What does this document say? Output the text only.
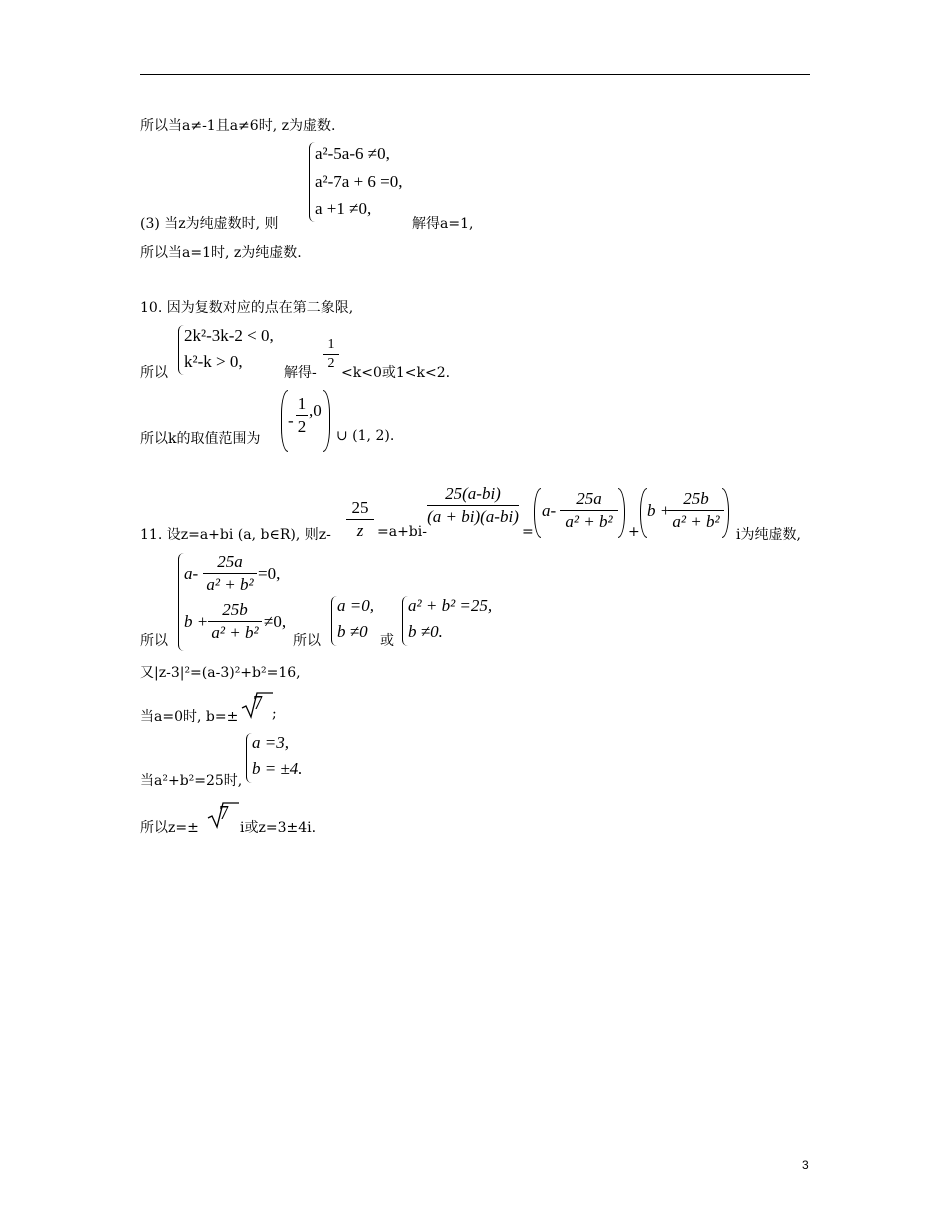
所以当a≠-1且a≠6时, z为虚数.
a²-5a-6 ≠0,
a²-7a + 6 =0,
a +1 ≠0,
(3) 当z为纯虚数时, 则	解得a=1,
所以当a=1时, z为纯虚数.
10. 因为复数对应的点在第二象限,
2k²-3k-2 < 0,
k²-k > 0,
所以	解得-
1
2
<k<0或1<k<2.
所以k的取值范围为
-
1
2
,0
∪ (1, 2).
11. 设z=a+bi (a, b∈R), 则z-
25
z =a+bi-
25(a-bi)
(a + bi)(a-bi)
=
a-
25a
a² + b²
+
b +
25b
a² + b²
i为纯虚数,
a-
25a
a² + b²
=0,
b +
25b
a² + b²
≠0,
所以	所以
a =0,
b ≠0 或
a² + b² =25,
b ≠0.
又|z-3|²=(a-3)²+b²=16,
当a=0时, b=±
7 ;
a =3,
b = ±4.
当a²+b²=25时,
所以z=±
7
i或z=3±4i.
3
